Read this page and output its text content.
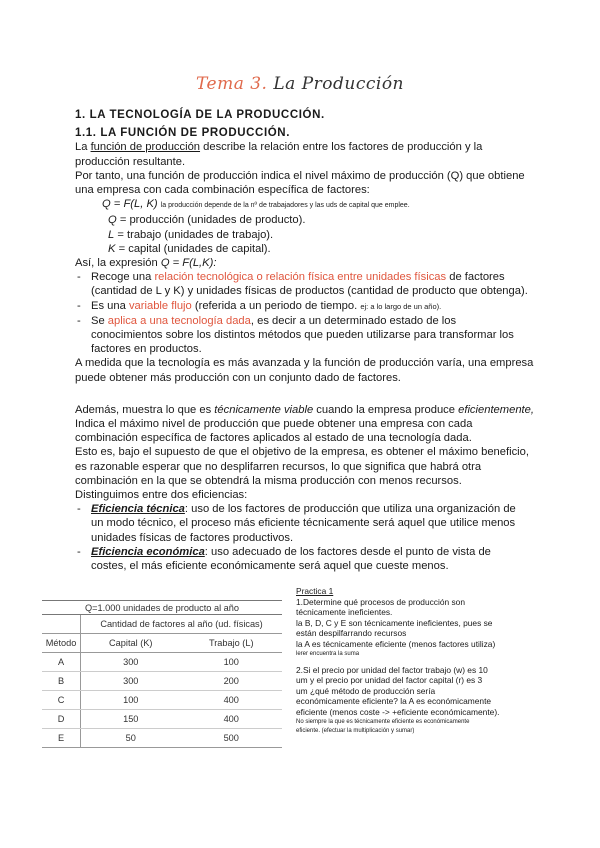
Tema 3. La Producción
1. LA TECNOLOGÍA DE LA PRODUCCIÓN.
1.1. LA FUNCIÓN DE PRODUCCIÓN.
La función de producción describe la relación entre los factores de producción y la
producción resultante.
Por tanto, una función de producción indica el nivel máximo de producción (Q) que obtiene
una empresa con cada combinación específica de factores:
Q = F(L, K) la producción depende de la nº de trabajadores y las uds de capital que emplee.
Q = producción (unidades de producto).
L = trabajo (unidades de trabajo).
K = capital (unidades de capital).
Así, la expresión Q = F(L,K):
- Recoge una relación tecnológica o relación física entre unidades físicas de factores
(cantidad de L y K) y unidades físicas de productos (cantidad de producto que obtenga).
- Es una variable flujo (referida a un periodo de tiempo. ej: a lo largo de un año).
- Se aplica a una tecnología dada, es decir a un determinado estado de los
conocimientos sobre los distintos métodos que pueden utilizarse para transformar los
factores en productos.
A medida que la tecnología es más avanzada y la función de producción varía, una empresa
puede obtener más producción con un conjunto dado de factores.
Además, muestra lo que es técnicamente viable cuando la empresa produce eficientemente,
Indica el máximo nivel de producción que puede obtener una empresa con cada
combinación específica de factores aplicados al estado de una tecnología dada.
Esto es, bajo el supuesto de que el objetivo de la empresa, es obtener el máximo beneficio,
es razonable esperar que no desplifarren recursos, lo que significa que habrá otra
combinación en la que se obtendrá la misma producción con menos recursos.
Distinguimos entre dos eficiencias:
- Eficiencia técnica: uso de los factores de producción que utiliza una organización de
un modo técnico, el proceso más eficiente técnicamente será aquel que utilice menos
unidades físicas de factores productivos.
- Eficiencia económica: uso adecuado de los factores desde el punto de vista de
costes, el más eficiente económicamente será aquel que cueste menos.
Q=1.000 unidades de producto al año		
	Cantidad de factores al año (ud. físicas)	
Método	Capital (K)	Trabajo (L)
A	300	100
B	300	200
C	100	400
D	150	400
E	50	500
Practica 1
1.Determine qué procesos de producción son
técnicamente ineficientes.
la B, D, C y E son técnicamente ineficientes, pues se
están despilfarrando recursos
la A es técnicamente eficiente (menos factores utiliza)
lerer encuentra la suma
2.Si el precio por unidad del factor trabajo (w) es 10
um y el precio por unidad del factor capital (r) es 3
um ¿qué método de producción sería
económicamente eficiente? la A es económicamente
eficiente (menos coste -> +eficiente económicamente).
No siempre la que es técnicamente eficiente es económicamente
eficiente. (efectuar la multiplicación y sumar)
